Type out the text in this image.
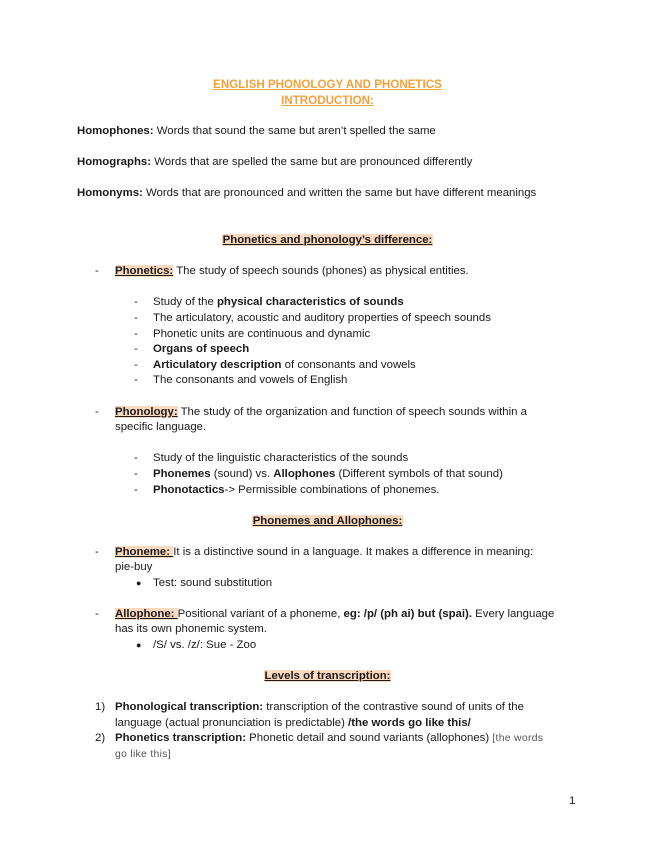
ENGLISH PHONOLOGY AND PHONETICS
INTRODUCTION:
Homophones: Words that sound the same but aren’t spelled the same
Homographs: Words that are spelled the same but are pronounced differently
Homonyms: Words that are pronounced and written the same but have different meanings
Phonetics and phonology’s difference:
- Phonetics: The study of speech sounds (phones) as physical entities.
- Study of the physical characteristics of sounds
- The articulatory, acoustic and auditory properties of speech sounds
- Phonetic units are continuous and dynamic
- Organs of speech
- Articulatory description of consonants and vowels
- The consonants and vowels of English
- Phonology: The study of the organization and function of speech sounds within a
specific language.
- Study of the linguistic characteristics of the sounds
- Phonemes (sound) vs. Allophones (Different symbols of that sound)
- Phonotactics-> Permissible combinations of phonemes.
Phonemes and Allophones:
- Phoneme: It is a distinctive sound in a language. It makes a difference in meaning:
pie-buy
● Test: sound substitution
- Allophone: Positional variant of a phoneme, eg: /p/ (ph ai) but (spai). Every language
has its own phonemic system.
● /S/ vs. /z/: Sue - Zoo
Levels of transcription:
1) Phonological transcription: transcription of the contrastive sound of units of the
language (actual pronunciation is predictable) /the words go like this/
2) Phonetics transcription: Phonetic detail and sound variants (allophones) [the words
go like this]
1
